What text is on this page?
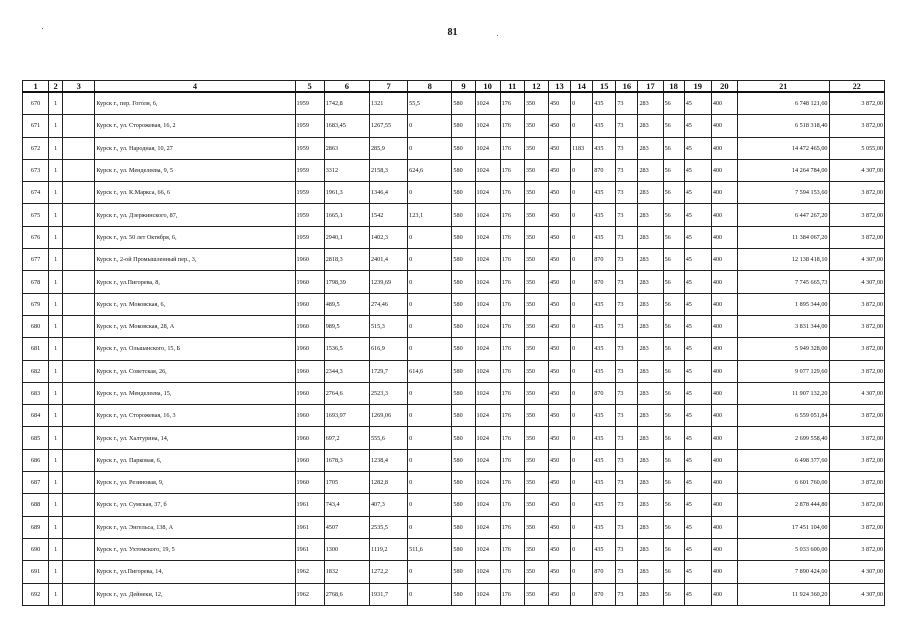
81
1	2	3	4	5	6	7	8	9	10	11	12	13	14	15	16	17	18	19	20	21	22
670	1		Курск г., пер. Гоголя, 6,	1959	1742,8	1321	55,5	580	1024	176	350	450	0	435	73	283	56	45	400	6 748 121,60	3 872,00
671	1		Курск г., ул. Сторожевая, 16, 2	1959	1683,45	1267,55	0	580	1024	176	350	450	0	435	73	283	56	45	400	6 518 318,40	3 872,00
672	1		Курск г., ул. Народная, 10, 27	1959	2863	285,9	0	580	1024	176	350	450	1183	435	73	283	56	45	400	14 472 465,00	5 055,00
673	1		Курск г., ул. Менделеева, 9, 5	1959	3312	2158,3	624,6	580	1024	176	350	450	0	870	73	283	56	45	400	14 264 784,00	4 307,00
674	1		Курск г., ул. К.Маркса, 66, 6	1959	1961,3	1346,4	0	580	1024	176	350	450	0	435	73	283	56	45	400	7 594 153,60	3 872,00
675	1		Курск г., ул. Дзержинского, 87,	1959	1665,1	1542	123,1	580	1024	176	350	450	0	435	73	283	56	45	400	6 447 267,20	3 872,00
676	1		Курск г., ул. 50 лет Октября, 6,	1959	2940,1	1402,3	0	580	1024	176	350	450	0	435	73	283	56	45	400	11 384 067,20	3 872,00
677	1		Курск г., 2-ой Промышленный пер., 3,	1960	2818,3	2401,4	0	580	1024	176	350	450	0	870	73	283	56	45	400	12 138 418,10	4 307,00
678	1		Курск г., ул.Пигорева, 8,	1960	1798,39	1239,69	0	580	1024	176	350	450	0	870	73	283	56	45	400	7 745 665,73	4 307,00
679	1		Курск г., ул. Моковская, 6,	1960	489,5	274,46	0	580	1024	176	350	450	0	435	73	283	56	45	400	1 895 344,00	3 872,00
680	1		Курск г., ул. Моковская, 28, А	1960	989,5	515,3	0	580	1024	176	350	450	0	435	73	283	56	45	400	3 831 344,00	3 872,00
681	1		Курск г., ул. Ольшанского, 15, Б	1960	1536,5	616,9	0	580	1024	176	350	450	0	435	73	283	56	45	400	5 949 328,00	3 872,00
682	1		Курск г., ул. Советская, 26,	1960	2344,3	1729,7	614,6	580	1024	176	350	450	0	435	73	283	56	45	400	9 077 129,60	3 872,00
683	1		Курск г., ул. Менделеева, 15,	1960	2764,6	2523,3	0	580	1024	176	350	450	0	870	73	283	56	45	400	11 907 132,20	4 307,00
684	1		Курск г., ул. Сторожевая, 16, 3	1960	1693,97	1269,06	0	580	1024	176	350	450	0	435	73	283	56	45	400	6 559 051,84	3 872,00
685	1		Курск г., ул. Халтурина, 14,	1960	697,2	555,6	0	580	1024	176	350	450	0	435	73	283	56	45	400	2 699 558,40	3 872,00
686	1		Курск г., ул. Парковая, 6,	1960	1678,3	1238,4	0	580	1024	176	350	450	0	435	73	283	56	45	400	6 498 377,60	3 872,00
687	1		Курск г., ул. Резиновая, 9,	1960	1705	1282,8	0	580	1024	176	350	450	0	435	73	283	56	45	400	6 601 760,00	3 872,00
688	1		Курск г., ул. Сумская, 37, б	1961	743,4	407,3	0	580	1024	176	350	450	0	435	73	283	56	45	400	2 878 444,80	3 872,00
689	1		Курск г., ул. Энгельса, 138, А	1961	4507	2535,5	0	580	1024	176	350	450	0	435	73	283	56	45	400	17 451 104,00	3 872,00
690	1		Курск г., ул. Ухтомского, 19, 5	1961	1300	1119,2	511,6	580	1024	176	350	450	0	435	73	283	56	45	400	5 033 600,00	3 872,00
691	1		Курск г., ул.Пигорева, 14,	1962	1832	1272,2	0	580	1024	176	350	450	0	870	73	283	56	45	400	7 890 424,00	4 307,00
692	1		Курск г., ул. Дейнеки, 12,	1962	2768,6	1931,7	0	580	1024	176	350	450	0	870	73	283	56	45	400	11 924 360,20	4 307,00
